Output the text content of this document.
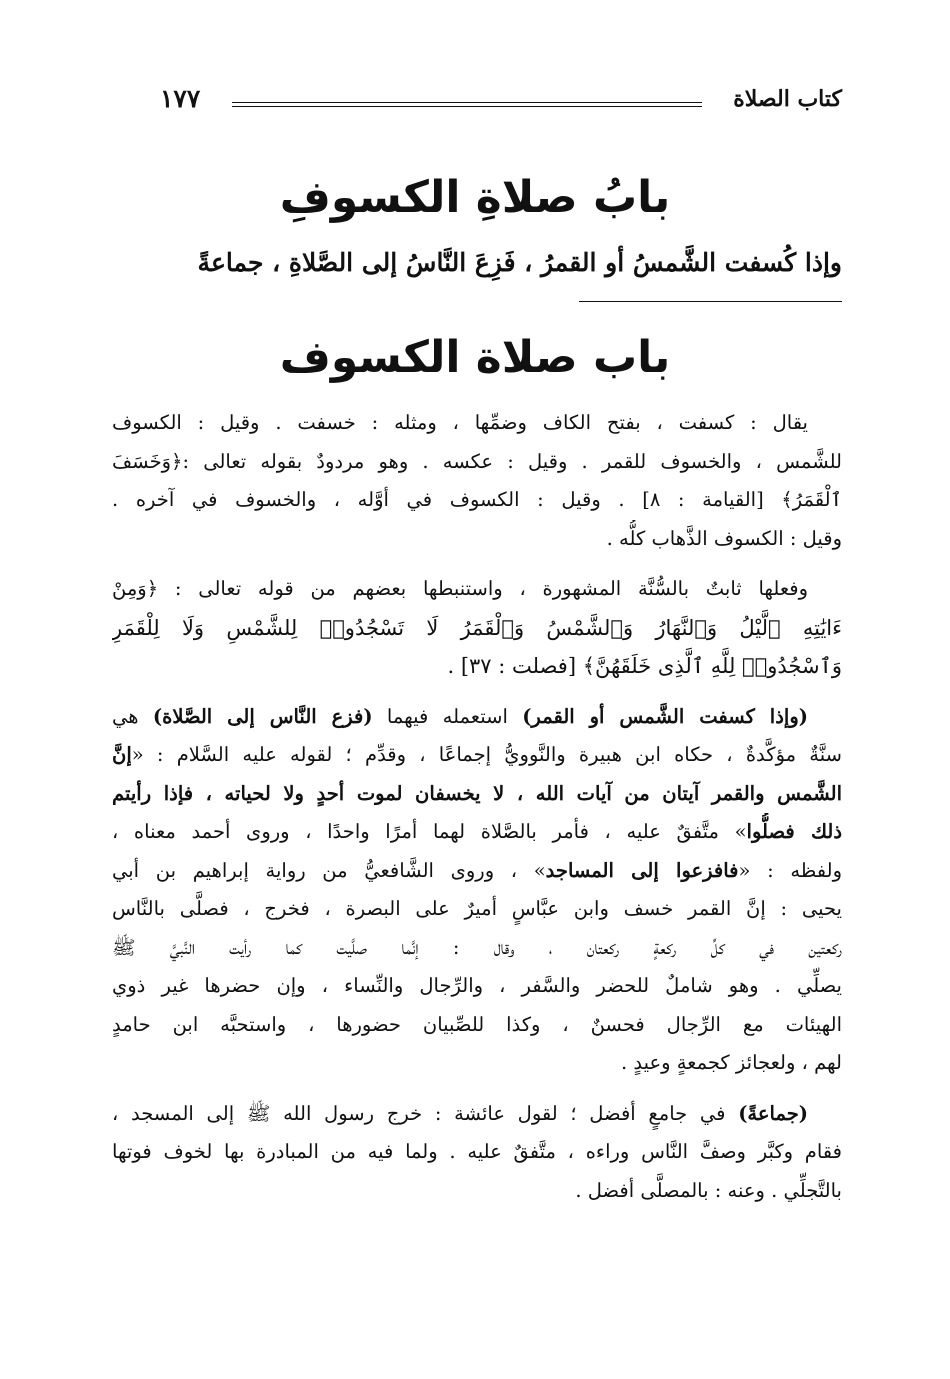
١٧٧	كتاب الصلاة
بابُ صلاةِ الكسوفِ
وإذا كُسفت الشَّمسُ أو القمرُ ، فَزِعَ النَّاسُ إلى الصَّلاةِ ، جماعةً
باب صلاة الكسوف
يقال : كسفت ، بفتح الكاف وضمِّها ، ومثله : خسفت . وقيل : الكسوف
للشَّمس ، والخسوف للقمر . وقيل : عكسه . وهو مردودٌ بقوله تعالى :﴿وَخَسَفَ
ٱلْقَمَرُ﴾ [القيامة : ٨] . وقيل : الكسوف في أوَّله ، والخسوف في آخره .
وقيل : الكسوف الذَّهاب كلُّه .
وفعلها ثابتٌ بالسُّنَّة المشهورة ، واستنبطها بعضهم من قوله تعالى : ﴿وَمِنْ
ءَايَٰتِهِ ٱلَّيْلُ وَٱلنَّهَارُ وَٱلشَّمْسُ وَٱلْقَمَرُ لَا تَسْجُدُوا۟ لِلشَّمْسِ وَلَا لِلْقَمَرِ
وَٱسْجُدُوا۟ لِلَّهِ ٱلَّذِى خَلَقَهُنَّ﴾ [فصلت : ٣٧] .
(وإذا كسفت الشَّمس أو القمر) استعمله فيهما (فزع النَّاس إلى الصَّلاة) هي
سنَّةٌ مؤكَّدةٌ ، حكاه ابن هبيرة والنَّوويُّ إجماعًا ، وقدِّم ؛ لقوله عليه السَّلام : «إنَّ
الشَّمس والقمر آيتان من آيات الله ، لا يخسفان لموت أحدٍ ولا لحياته ، فإذا رأيتم
ذلك فصلُّوا» متَّفقٌ عليه ، فأمر بالصَّلاة لهما أمرًا واحدًا ، وروى أحمد معناه ،
ولفظه : «فافزعوا إلى المساجد» ، وروى الشَّافعيُّ من رواية إبراهيم بن أبي
يحيى : إنَّ القمر خسف وابن عبَّاسٍ أميرٌ على البصرة ، فخرج ، فصلَّى بالنَّاس
ركعتين في كلِّ ركعةٍ ركعتان ، وقال : إنَّما صلَّيت كما رأيت النَّبيَّ ﷺ
يصلِّي . وهو شاملٌ للحضر والسَّفر ، والرِّجال والنِّساء ، وإن حضرها غير ذوي
الهيئات مع الرِّجال فحسنٌ ، وكذا للصِّبيان حضورها ، واستحبَّه ابن حامدٍ
لهم ، ولعجائز كجمعةٍ وعيدٍ .
(جماعةً) في جامعٍ أفضل ؛ لقول عائشة : خرج رسول الله ﷺ إلى المسجد ،
فقام وكبَّر وصفَّ النَّاس وراءه ، متَّفقٌ عليه . ولما فيه من المبادرة بها لخوف فوتها
بالتَّجلِّي . وعنه : بالمصلَّى أفضل .
